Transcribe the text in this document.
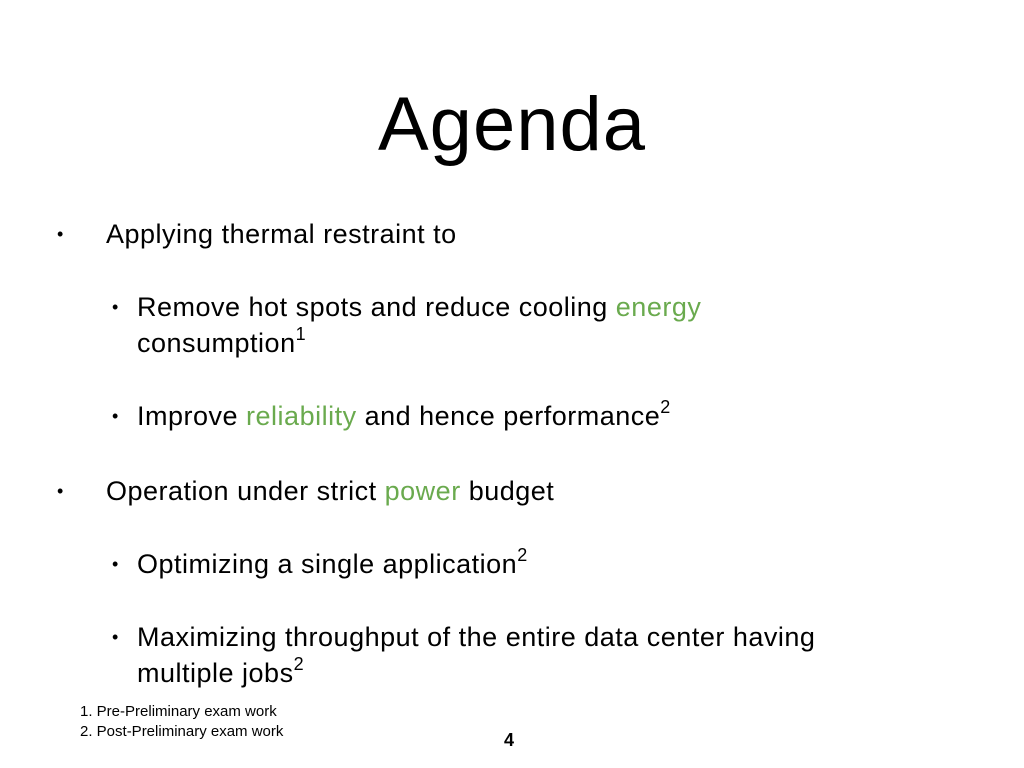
Agenda
• Applying thermal restraint to
• Remove hot spots and reduce cooling energy
consumption$^1$
• Improve reliability and hence performance$^2$
• Operation under strict power budget
• Optimizing a single application$^2$
• Maximizing throughput of the entire data center having
multiple jobs$^2$
1. Pre-Preliminary exam work
2. Post-Preliminary exam work	4
